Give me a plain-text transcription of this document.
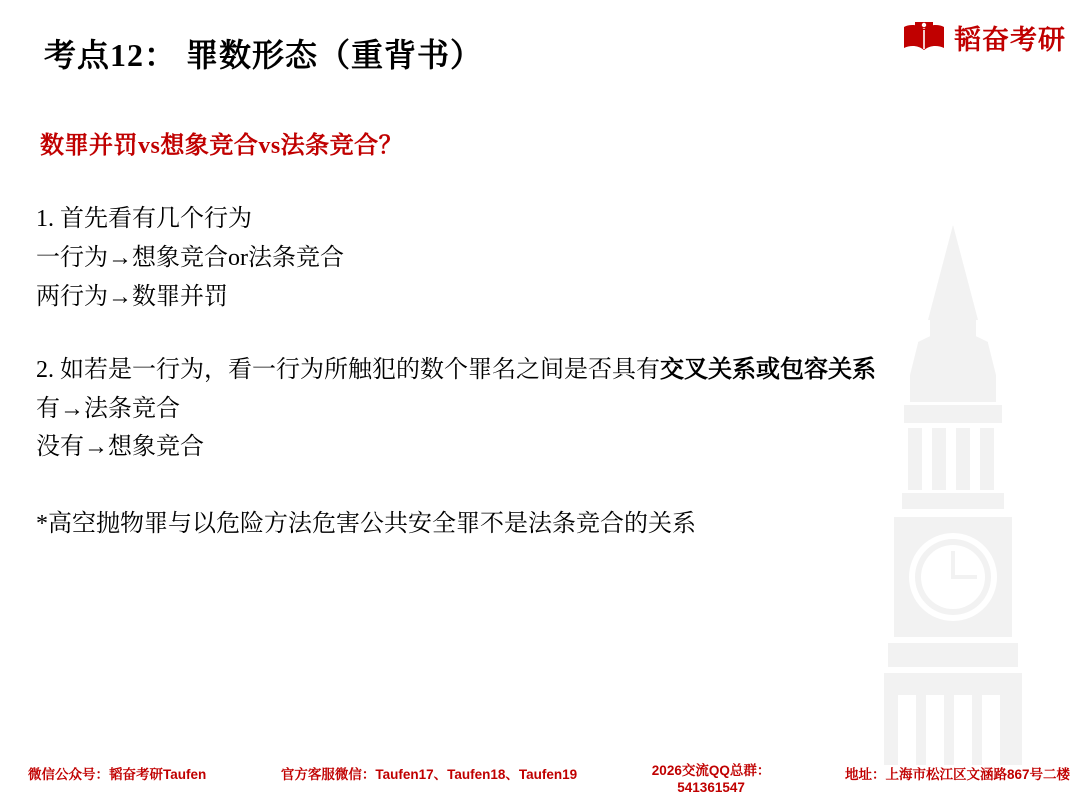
韬奋考研
考点12： 罪数形态（重背书）
数罪并罚vs想象竞合vs法条竞合？
1. 首先看有几个行为
一行为→想象竞合or法条竞合
两行为→数罪并罚
2. 如若是一行为，看一行为所触犯的数个罪名之间是否具有交叉关系或包容关系
有→法条竞合
没有→想象竞合
*高空抛物罪与以危险方法危害公共安全罪不是法条竞合的关系
微信公众号：韬奋考研Taufen	官方客服微信：Taufen17、Taufen18、Taufen19	2026交流QQ总群：
541361547
地址：上海市松江区文涵路867号二楼
